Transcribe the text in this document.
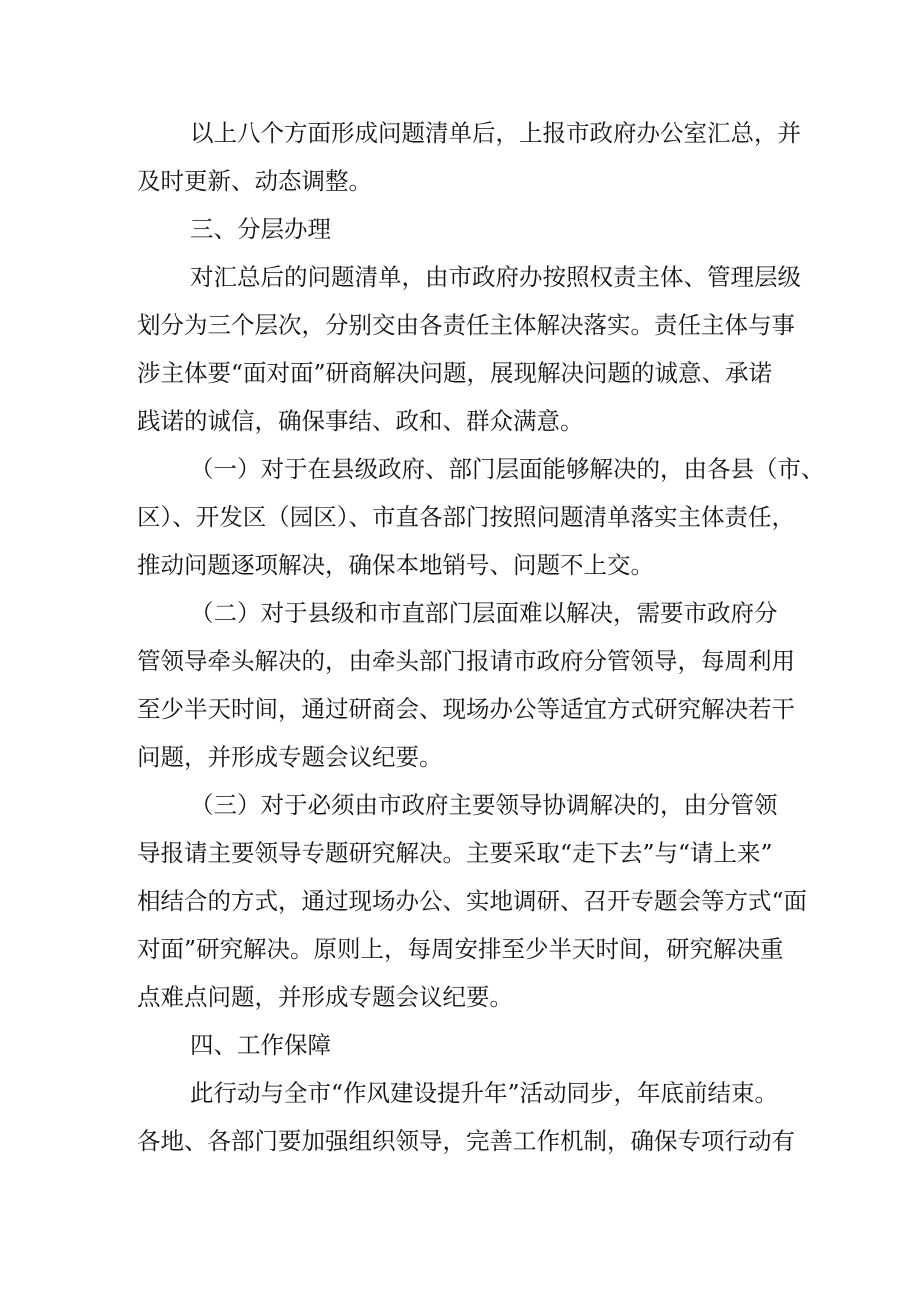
以上八个方面形成问题清单后，上报市政府办公室汇总，并
及时更新、动态调整。
三、分层办理
对汇总后的问题清单，由市政府办按照权责主体、管理层级
划分为三个层次，分别交由各责任主体解决落实。责任主体与事
涉主体要“面对面”研商解决问题，展现解决问题的诚意、承诺
践诺的诚信，确保事结、政和、群众满意。
（一）对于在县级政府、部门层面能够解决的，由各县（市、
区）、开发区（园区）、市直各部门按照问题清单落实主体责任，
推动问题逐项解决，确保本地销号、问题不上交。
（二）对于县级和市直部门层面难以解决，需要市政府分
管领导牵头解决的，由牵头部门报请市政府分管领导，每周利用
至少半天时间，通过研商会、现场办公等适宜方式研究解决若干
问题，并形成专题会议纪要。
（三）对于必须由市政府主要领导协调解决的，由分管领
导报请主要领导专题研究解决。主要采取“走下去”与“请上来”
相结合的方式，通过现场办公、实地调研、召开专题会等方式“面
对面”研究解决。原则上，每周安排至少半天时间，研究解决重
点难点问题，并形成专题会议纪要。
四、工作保障
此行动与全市“作风建设提升年”活动同步，年底前结束。
各地、各部门要加强组织领导，完善工作机制，确保专项行动有
